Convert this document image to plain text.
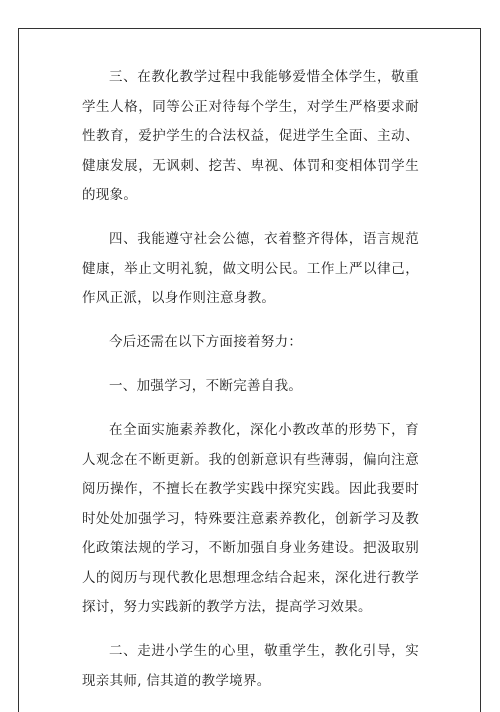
三、在教化教学过程中我能够爱惜全体学生，敬重学生人格，同等公正对待每个学生，对学生严格要求耐性教育，爱护学生的合法权益，促进学生全面、主动、健康发展，无讽刺、挖苦、卑视、体罚和变相体罚学生的现象。

四、我能遵守社会公德，衣着整齐得体，语言规范健康，举止文明礼貌，做文明公民。工作上严以律己，作风正派，以身作则注意身教。

今后还需在以下方面接着努力：

一、加强学习，不断完善自我。

在全面实施素养教化，深化小教改革的形势下，育人观念在不断更新。我的创新意识有些薄弱，偏向注意阅历操作，不擅长在教学实践中探究实践。因此我要时时处处加强学习，特殊要注意素养教化，创新学习及教化政策法规的学习，不断加强自身业务建设。把汲取别人的阅历与现代教化思想理念结合起来，深化进行教学探讨，努力实践新的教学方法，提高学习效果。

二、走进小学生的心里，敬重学生，教化引导，实现亲其师, 信其道的教学境界。
